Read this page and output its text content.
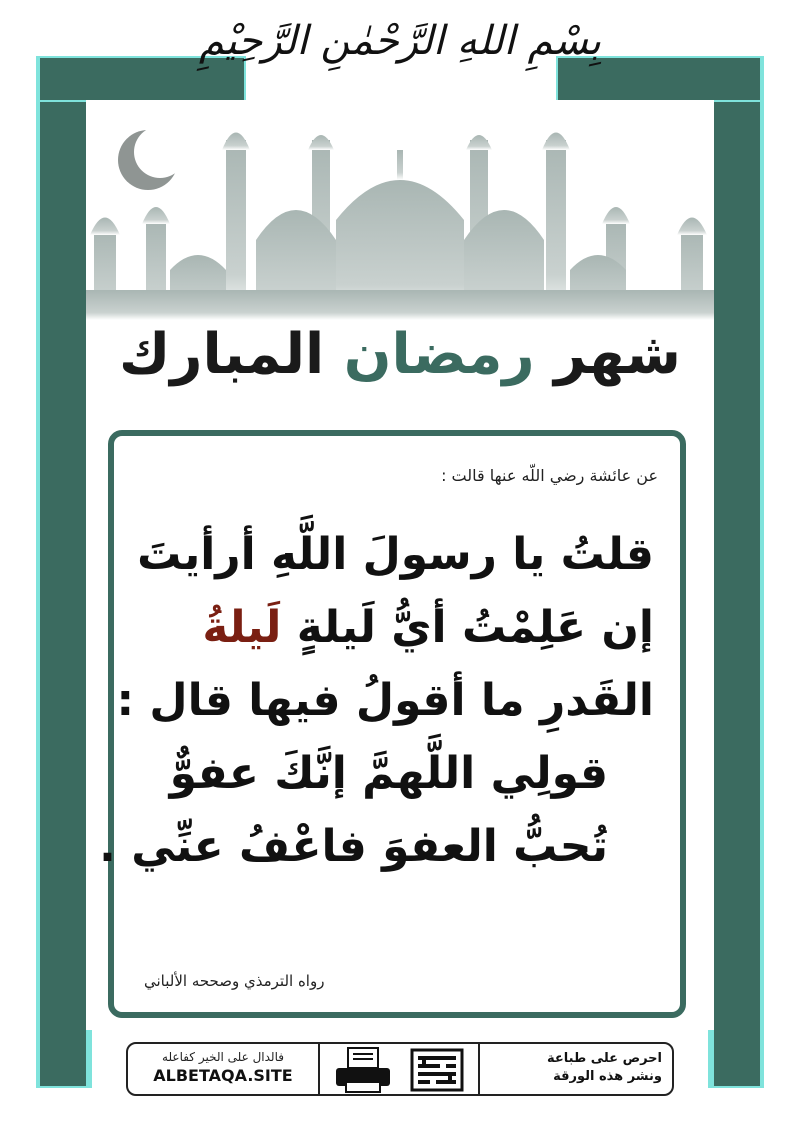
بِسْمِ اللهِ الرَّحْمٰنِ الرَّحِيْمِ
شهر رمضان المبارك
عن عائشة رضي اللّه عنها قالت :
قلتُ يا رسولَ اللَّهِ أرأيتَ
إن عَلِمْتُ أيُّ لَيلةٍ لَيلةُ
القَدرِ ما أقولُ فيها قال :
قولِي اللَّهمَّ إنَّكَ عفوٌّ
تُحبُّ العفوَ فاعْفُ عنِّي .
رواه الترمذي وصححه الألباني
فالدال على الخير كفاعله
ALBETAQA.SITE
احرص على طباعة
ونشر هذه الورقة
